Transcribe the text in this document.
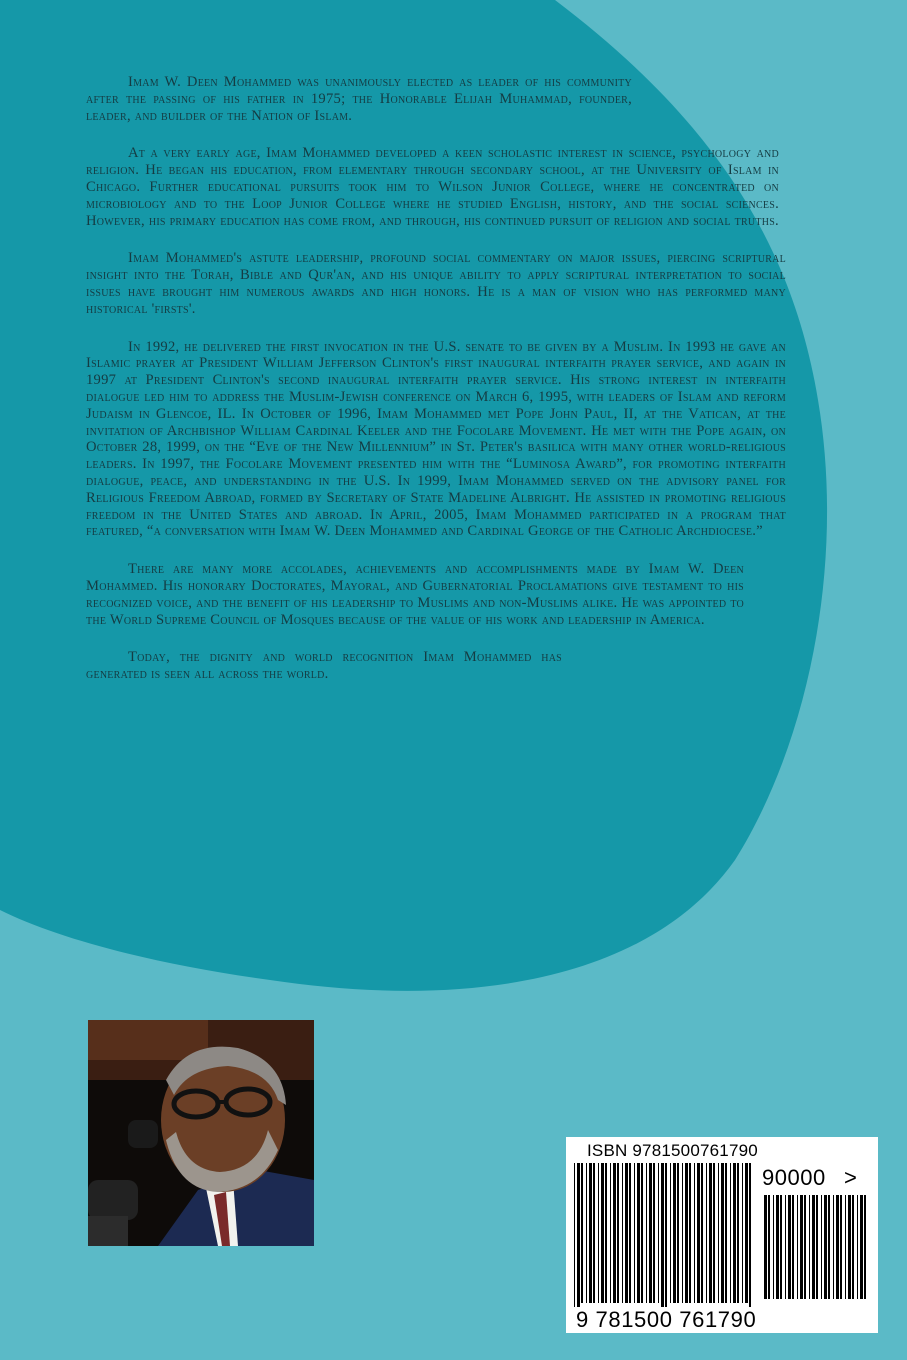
Imam W. Deen Mohammed was unanimously elected as leader of his community after the passing of his father in 1975; the Honorable Elijah Muhammad, founder, leader, and builder of the Nation of Islam.

At a very early age, Imam Mohammed developed a keen scholastic interest in science, psychology and religion. He began his education, from elementary through secondary school, at the University of Islam in Chicago. Further educational pursuits took him to Wilson Junior College, where he concentrated on microbiology and to the Loop Junior College where he studied English, history, and the social sciences. However, his primary education has come from, and through, his continued pursuit of religion and social truths.

Imam Mohammed's astute leadership, profound social commentary on major issues, piercing scriptural insight into the Torah, Bible and Qur'an, and his unique ability to apply scriptural interpretation to social issues have brought him numerous awards and high honors. He is a man of vision who has performed many historical 'firsts'.

In 1992, he delivered the first invocation in the U.S. senate to be given by a Muslim. In 1993 he gave an Islamic prayer at President William Jefferson Clinton's first inaugural interfaith prayer service, and again in 1997 at President Clinton's second inaugural interfaith prayer service. His strong interest in interfaith dialogue led him to address the Muslim-Jewish conference on March 6, 1995, with leaders of Islam and reform Judaism in Glencoe, IL. In October of 1996, Imam Mohammed met Pope John Paul, II, at the Vatican, at the invitation of Archbishop William Cardinal Keeler and the Focolare Movement. He met with the Pope again, on October 28, 1999, on the “Eve of the New Millennium” in St. Peter's basilica with many other world-religious leaders. In 1997, the Focolare Movement presented him with the “Luminosa Award”, for promoting interfaith dialogue, peace, and understanding in the U.S. In 1999, Imam Mohammed served on the advisory panel for Religious Freedom Abroad, formed by Secretary of State Madeline Albright. He assisted in promoting religious freedom in the United States and abroad. In April, 2005, Imam Mohammed participated in a program that featured, “a conversation with Imam W. Deen Mohammed and Cardinal George of the Catholic Archdiocese.”

There are many more accolades, achievements and accomplishments made by Imam W. Deen Mohammed. His honorary Doctorates, Mayoral, and Gubernatorial Proclamations give testament to his recognized voice, and the benefit of his leadership to Muslims and non-Muslims alike. He was appointed to the World Supreme Council of Mosques because of the value of his work and leadership in America.

Today, the dignity and world recognition Imam Mohammed has generated is seen all across the world.

ISBN 9781500761790
90000 >
9 781500 761790
